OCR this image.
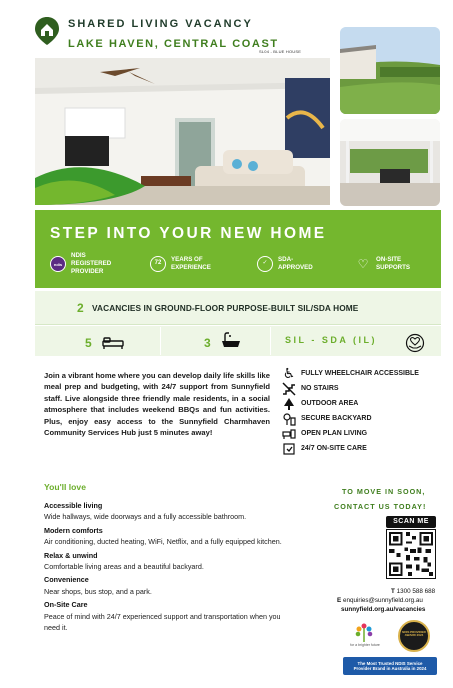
SHARED LIVING VACANCY
LAKE HAVEN, CENTRAL COAST
SL04 - BLUE HOUSE
STEP INTO YOUR NEW HOME
ndis
NDIS
REGISTERED
PROVIDER
72	YEARS OF
EXPERIENCE
✓	SDA-
APPROVED	♡	ON-SITE
SUPPORTS
2 VACANCIES IN GROUND-FLOOR PURPOSE-BUILT SIL/SDA HOME
5	3	SIL - SDA (IL)
Join a vibrant home where you can develop daily life skills like meal prep and budgeting, with 24/7 support from Sunnyfield staff. Live alongside three friendly male residents, in a social atmosphere that includes weekend BBQs and fun activities. Plus, enjoy easy access to the Sunnyfield Charmhaven Community Services Hub just 5 minutes away!
♿ FULLY WHEELCHAIR ACCESSIBLE
NO STAIRS
OUTDOOR AREA
SECURE BACKYARD
OPEN PLAN LIVING
24/7 ON-SITE CARE
You'll love
Accessible living
Wide hallways, wide doorways and a fully accessible bathroom.
Modern comforts
Air conditioning, ducted heating, WiFi, Netflix, and a fully equipped kitchen.
Relax & unwind
Comfortable living areas and a beautiful backyard.
Convenience
Near shops, bus stop, and a park.
On-Site Care
Peace of mind with 24/7 experienced support and transportation when you need it.
TO MOVE IN SOON,
CONTACT US TODAY!
SCAN ME
T 1300 588 688
E enquiries@sunnyfield.org.au
sunnyfield.org.au/vacancies
for a brighter future
NDIS PROVIDER AWARD 2024
The Most Trusted NDIS Service
Provider Brand in Australia in 2024
